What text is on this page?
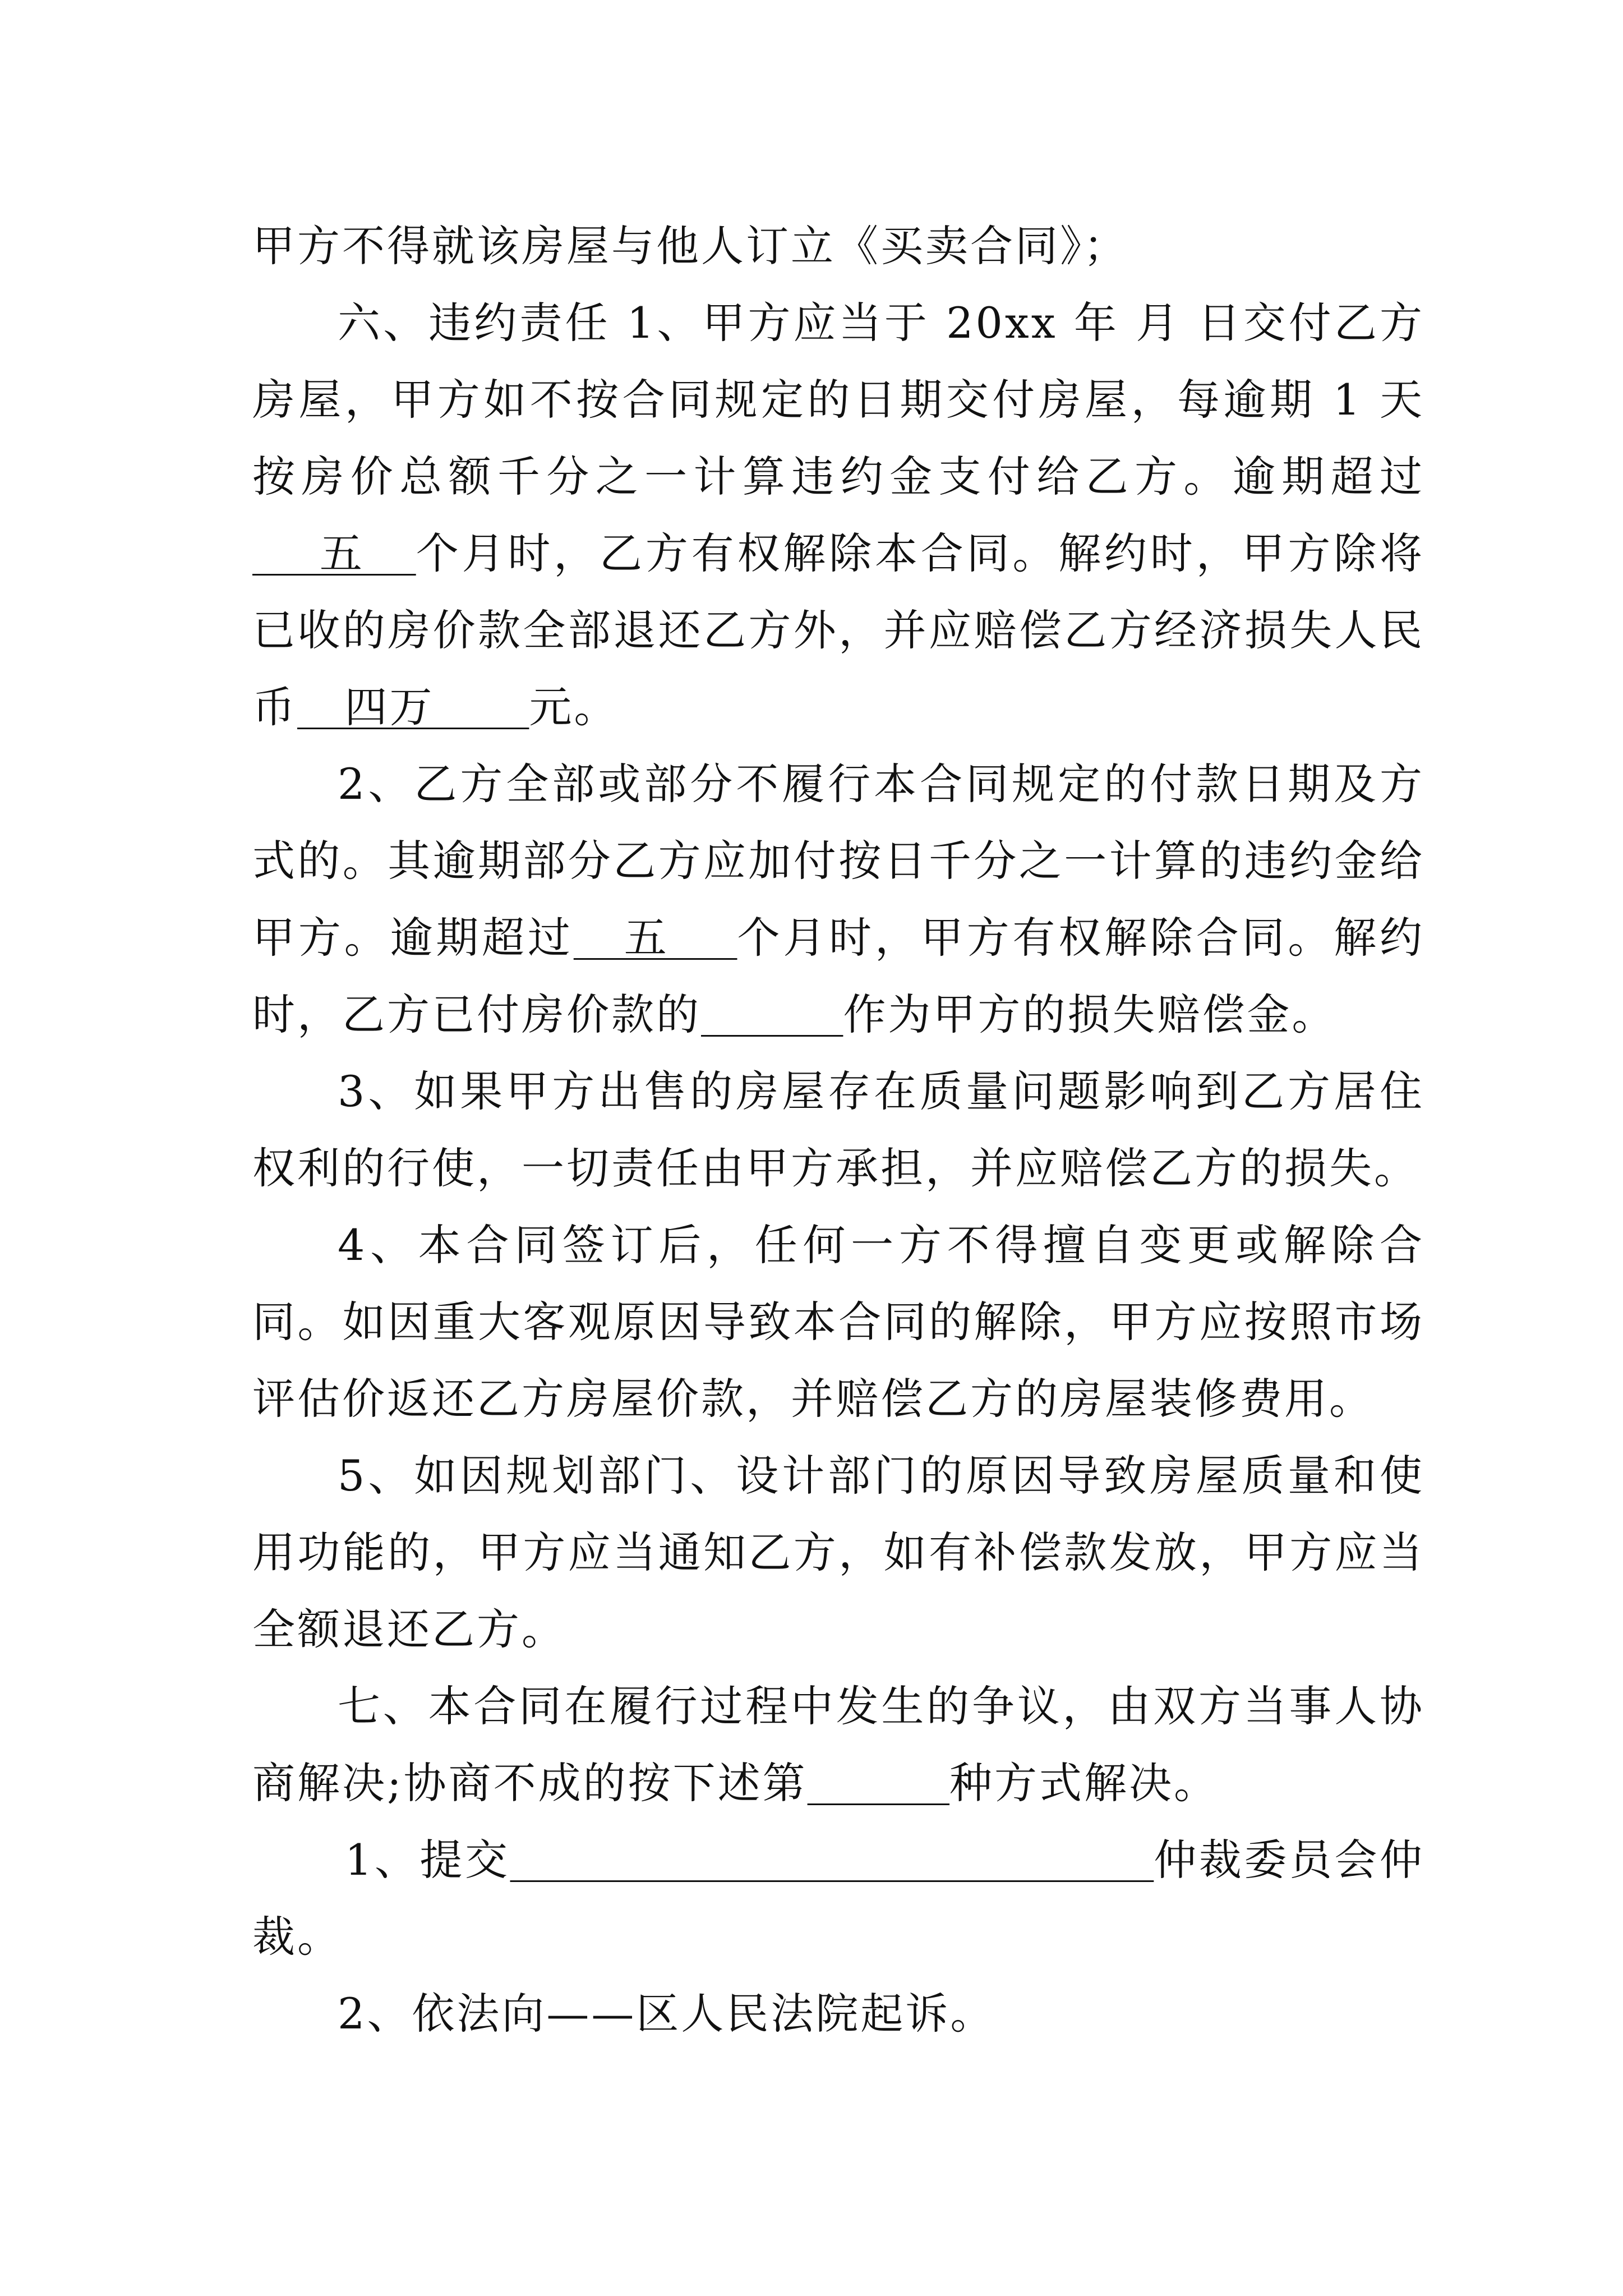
甲方不得就该房屋与他人订立《买卖合同》；

六、违约责任 1、甲方应当于 20xx 年 月 日交付乙方房屋，甲方如不按合同规定的日期交付房屋，每逾期 1 天按房价总额千分之一计算违约金支付给乙方。逾期超过    五   个月时，乙方有权解除本合同。解约时，甲方除将已收的房价款全部退还乙方外，并应赔偿乙方经济损失人民币   四万      元。

2、乙方全部或部分不履行本合同规定的付款日期及方式的。其逾期部分乙方应加付按日千分之一计算的违约金给甲方。逾期超过   五    个月时，甲方有权解除合同。解约时，乙方已付房价款的	作为甲方的损失赔偿金。

3、如果甲方出售的房屋存在质量问题影响到乙方居住权利的行使，一切责任由甲方承担，并应赔偿乙方的损失。

4、本合同签订后，任何一方不得擅自变更或解除合同。如因重大客观原因导致本合同的解除，甲方应按照市场评估价返还乙方房屋价款，并赔偿乙方的房屋装修费用。

5、如因规划部门、设计部门的原因导致房屋质量和使用功能的，甲方应当通知乙方，如有补偿款发放，甲方应当全额退还乙方。

七、本合同在履行过程中发生的争议，由双方当事人协商解决;协商不成的按下述第	种方式解决。

1、提交	仲裁委员会仲裁。

2、依法向——区人民法院起诉。
